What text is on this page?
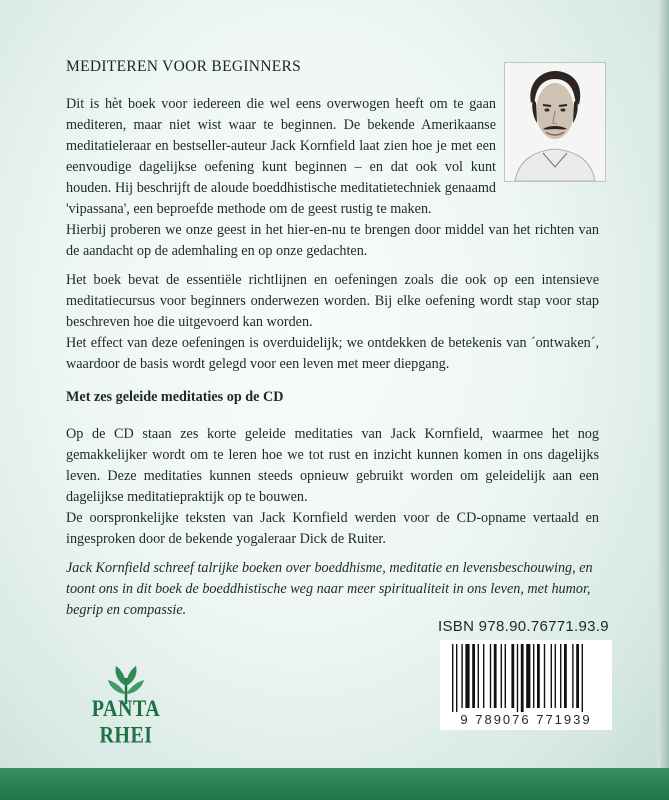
MEDITEREN VOOR BEGINNERS
Dit is hèt boek voor iedereen die wel eens overwogen heeft om te gaan mediteren, maar niet wist waar te beginnen. De bekende Amerikaanse meditatieleraar en bestseller-auteur Jack Kornfield laat zien hoe je met een eenvoudige dagelijkse oefening kunt beginnen – en dat ook vol kunt houden. Hij beschrijft de aloude boeddhistische meditatietechniek genaamd 'vipassana', een beproefde methode om de geest rustig te maken.
Hierbij proberen we onze geest in het hier-en-nu te brengen door middel van het richten van de aandacht op de ademhaling en op onze gedachten.

Het boek bevat de essentiële richtlijnen en oefeningen zoals die ook op een intensieve meditatiecursus voor beginners onderwezen worden. Bij elke oefening wordt stap voor stap beschreven hoe die uitgevoerd kan worden.

Het effect van deze oefeningen is overduidelijk; we ontdekken de betekenis van ´ontwaken´, waardoor de basis wordt gelegd voor een leven met meer diepgang.

Met zes geleide meditaties op de CD

Op de CD staan zes korte geleide meditaties van Jack Kornfield, waarmee het nog gemakkelijker wordt om te leren hoe we tot rust en inzicht kunnen komen in ons dagelijks leven. Deze meditaties kunnen steeds opnieuw gebruikt worden om geleidelijk aan een dagelijkse meditatiepraktijk op te bouwen.

De oorspronkelijke teksten van Jack Kornfield werden voor de CD-opname vertaald en ingesproken door de bekende yogaleraar Dick de Ruiter.

Jack Kornfield schreef talrijke boeken over boeddhisme, meditatie en levensbeschouwing, en toont ons in dit boek de boeddhistische weg naar meer spiritualiteit in ons leven, met humor, begrip en compassie.

PANTA RHEI
ISBN 978.90.76771.93.9
9 789076 771939
